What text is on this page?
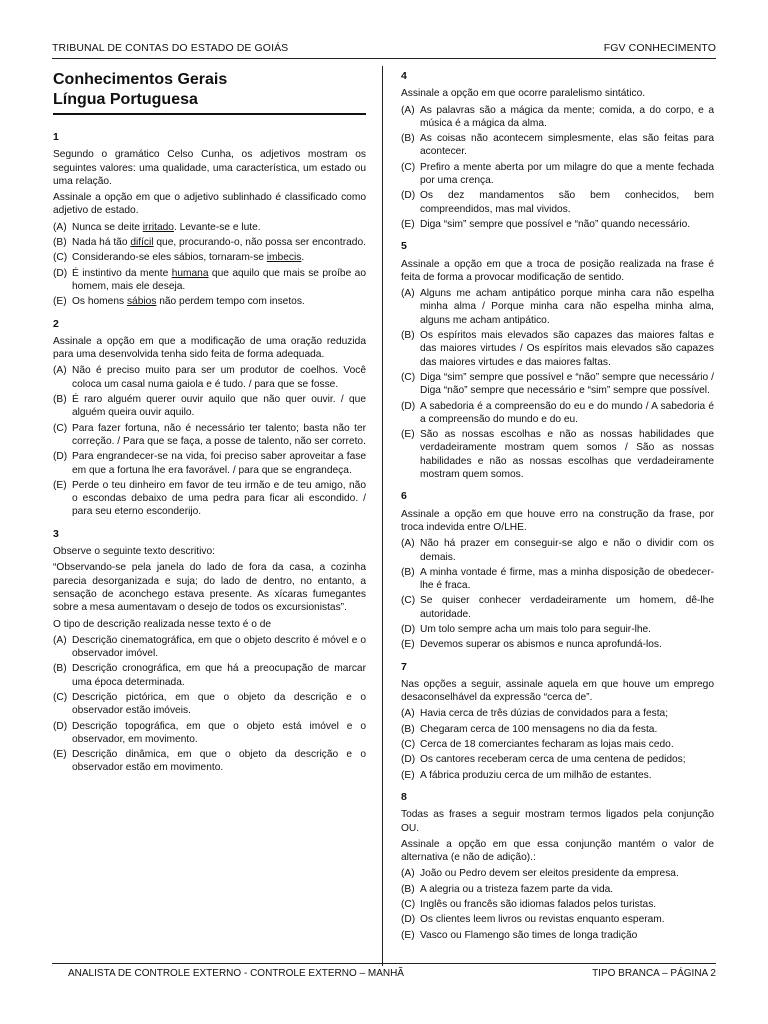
TRIBUNAL DE CONTAS DO ESTADO DE GOIÁS	FGV CONHECIMENTO
Conhecimentos Gerais
Língua Portuguesa
1
Segundo o gramático Celso Cunha, os adjetivos mostram os seguintes valores: uma qualidade, uma característica, um estado ou uma relação.
Assinale a opção em que o adjetivo sublinhado é classificado como adjetivo de estado.
(A) Nunca se deite irritado. Levante-se e lute.
(B) Nada há tão difícil que, procurando-o, não possa ser encontrado.
(C) Considerando-se eles sábios, tornaram-se imbecis.
(D) É instintivo da mente humana que aquilo que mais se proíbe ao homem, mais ele deseja.
(E) Os homens sábios não perdem tempo com insetos.
2
Assinale a opção em que a modificação de uma oração reduzida para uma desenvolvida tenha sido feita de forma adequada.
(A) Não é preciso muito para ser um produtor de coelhos. Você coloca um casal numa gaiola e é tudo. / para que se fosse.
(B) É raro alguém querer ouvir aquilo que não quer ouvir. / que alguém queira ouvir aquilo.
(C) Para fazer fortuna, não é necessário ter talento; basta não ter correção. / Para que se faça, a posse de talento, não ser correto.
(D) Para engrandecer-se na vida, foi preciso saber aproveitar a fase em que a fortuna lhe era favorável. / para que se engrandeça.
(E) Perde o teu dinheiro em favor de teu irmão e de teu amigo, não o escondas debaixo de uma pedra para ficar ali escondido. / para seu eterno esconderijo.
3
Observe o seguinte texto descritivo:
“Observando-se pela janela do lado de fora da casa, a cozinha parecia desorganizada e suja; do lado de dentro, no entanto, a sensação de aconchego estava presente. As xícaras fumegantes sobre a mesa aumentavam o desejo de todos os excursionistas”.
O tipo de descrição realizada nesse texto é o de
(A) Descrição cinematográfica, em que o objeto descrito é móvel e o observador imóvel.
(B) Descrição cronográfica, em que há a preocupação de marcar uma época determinada.
(C) Descrição pictórica, em que o objeto da descrição e o observador estão imóveis.
(D) Descrição topográfica, em que o objeto está imóvel e o observador, em movimento.
(E) Descrição dinâmica, em que o objeto da descrição e o observador estão em movimento.
4
Assinale a opção em que ocorre paralelismo sintático.
(A) As palavras são a mágica da mente; comida, a do corpo, e a música é a mágica da alma.
(B) As coisas não acontecem simplesmente, elas são feitas para acontecer.
(C) Prefiro a mente aberta por um milagre do que a mente fechada por uma crença.
(D) Os dez mandamentos são bem conhecidos, bem compreendidos, mas mal vividos.
(E) Diga “sim” sempre que possível e “não” quando necessário.
5
Assinale a opção em que a troca de posição realizada na frase é feita de forma a provocar modificação de sentido.
(A) Alguns me acham antipático porque minha cara não espelha minha alma / Porque minha cara não espelha minha alma, alguns me acham antipático.
(B) Os espíritos mais elevados são capazes das maiores faltas e das maiores virtudes / Os espíritos mais elevados são capazes das maiores virtudes e das maiores faltas.
(C) Diga “sim” sempre que possível e “não” sempre que necessário / Diga “não” sempre que necessário e “sim” sempre que possível.
(D) A sabedoria é a compreensão do eu e do mundo / A sabedoria é a compreensão do mundo e do eu.
(E) São as nossas escolhas e não as nossas habilidades que verdadeiramente mostram quem somos / São as nossas habilidades e não as nossas escolhas que verdadeiramente mostram quem somos.
6
Assinale a opção em que houve erro na construção da frase, por troca indevida entre O/LHE.
(A) Não há prazer em conseguir-se algo e não o dividir com os demais.
(B) A minha vontade é firme, mas a minha disposição de obedecer-lhe é fraca.
(C) Se quiser conhecer verdadeiramente um homem, dê-lhe autoridade.
(D) Um tolo sempre acha um mais tolo para seguir-lhe.
(E) Devemos superar os abismos e nunca aprofundá-los.
7
Nas opções a seguir, assinale aquela em que houve um emprego desaconselhável da expressão “cerca de”.
(A) Havia cerca de três dúzias de convidados para a festa;
(B) Chegaram cerca de 100 mensagens no dia da festa.
(C) Cerca de 18 comerciantes fecharam as lojas mais cedo.
(D) Os cantores receberam cerca de uma centena de pedidos;
(E) A fábrica produziu cerca de um milhão de estantes.
8
Todas as frases a seguir mostram termos ligados pela conjunção OU.
Assinale a opção em que essa conjunção mantém o valor de alternativa (e não de adição).:
(A) João ou Pedro devem ser eleitos presidente da empresa.
(B) A alegria ou a tristeza fazem parte da vida.
(C) Inglês ou francês são idiomas falados pelos turistas.
(D) Os clientes leem livros ou revistas enquanto esperam.
(E) Vasco ou Flamengo são times de longa tradição
ANALISTA DE CONTROLE EXTERNO - CONTROLE EXTERNO – MANHÃ	TIPO BRANCA – PÁGINA 2
